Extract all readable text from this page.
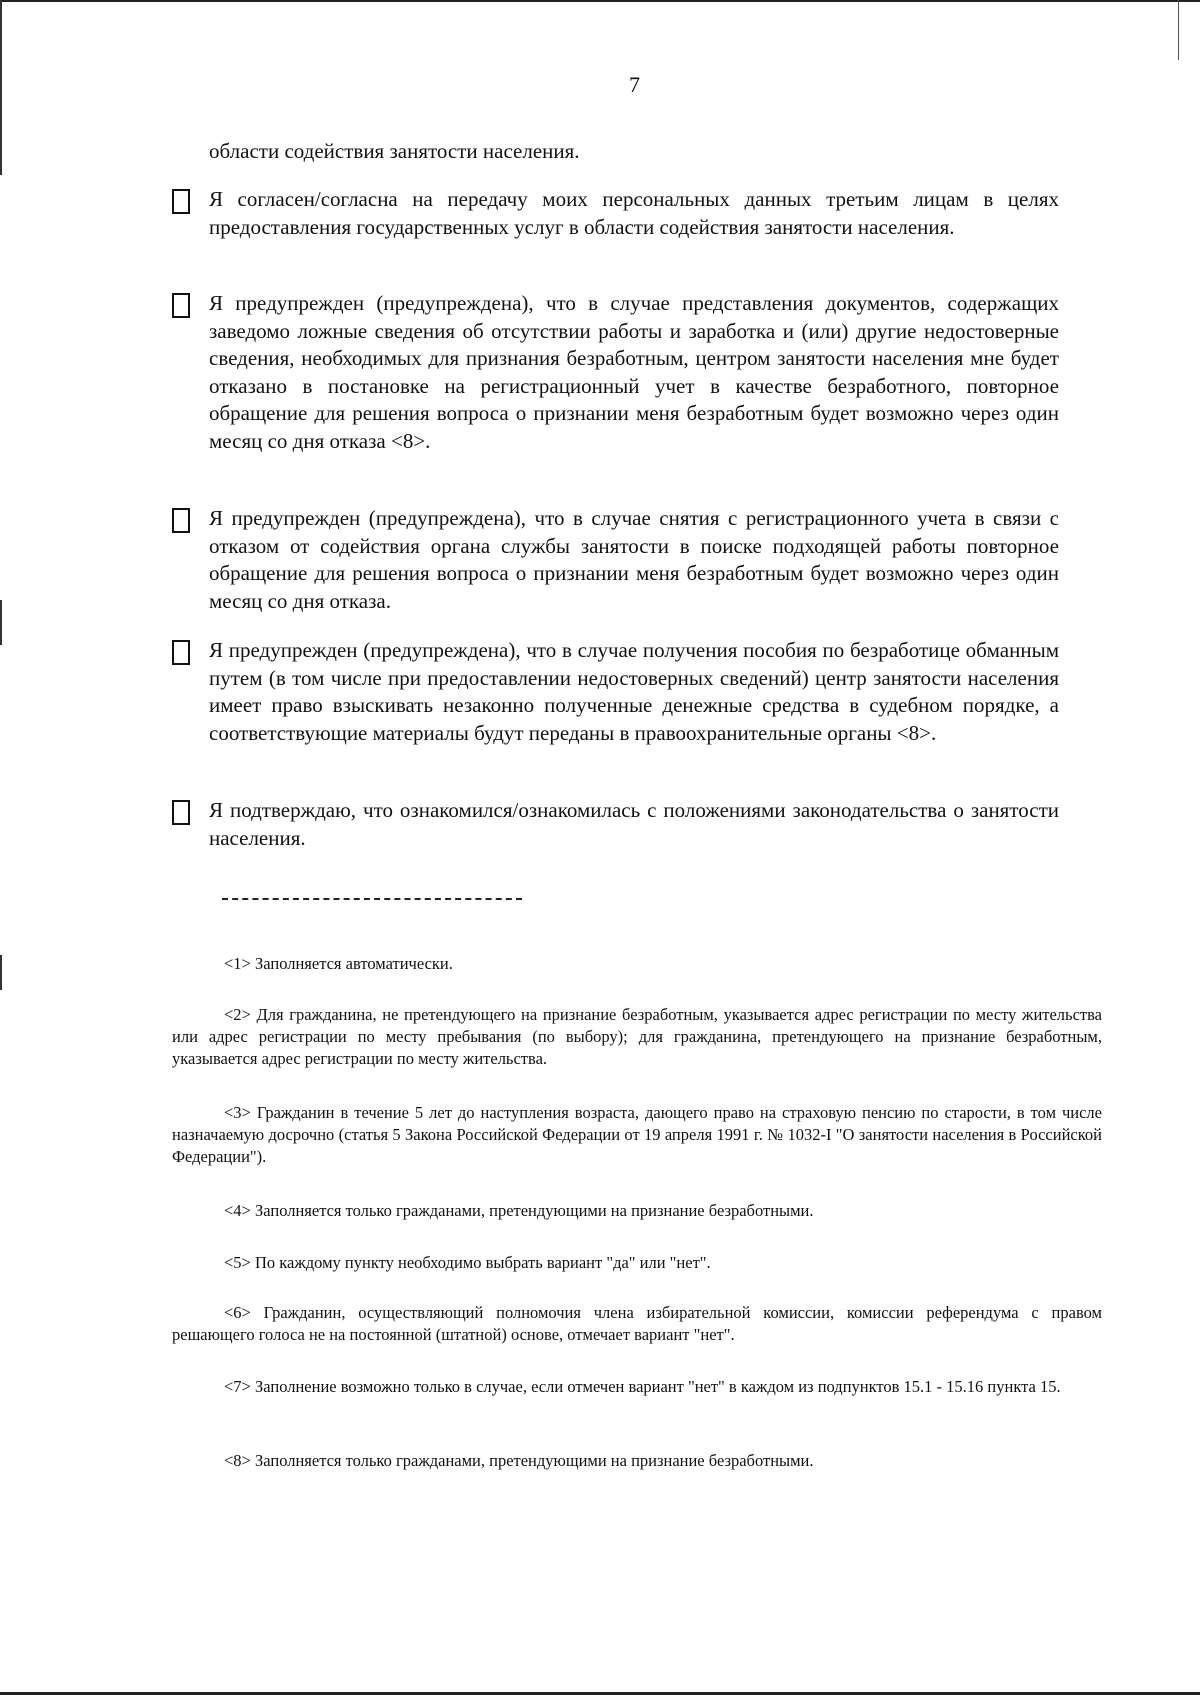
7
области содействия занятости населения.
Я согласен/согласна на передачу моих персональных данных третьим лицам в целях предоставления государственных услуг в области содействия занятости населения.
Я предупрежден (предупреждена), что в случае представления документов, содержащих заведомо ложные сведения об отсутствии работы и заработка и (или) другие недостоверные сведения, необходимых для признания безработным, центром занятости населения мне будет отказано в постановке на регистрационный учет в качестве безработного, повторное обращение для решения вопроса о признании меня безработным будет возможно через один месяц со дня отказа <8>.
Я предупрежден (предупреждена), что в случае снятия с регистрационного учета в связи с отказом от содействия органа службы занятости в поиске подходящей работы повторное обращение для решения вопроса о признании меня безработным будет возможно через один месяц со дня отказа.
Я предупрежден (предупреждена), что в случае получения пособия по безработице обманным путем (в том числе при предоставлении недостоверных сведений) центр занятости населения имеет право взыскивать незаконно полученные денежные средства в судебном порядке, а соответствующие материалы будут переданы в правоохранительные органы <8>.
Я подтверждаю, что ознакомился/ознакомилась с положениями законодательства о занятости населения.
<1> Заполняется автоматически.
<2> Для гражданина, не претендующего на признание безработным, указывается адрес регистрации по месту жительства или адрес регистрации по месту пребывания (по выбору); для гражданина, претендующего на признание безработным, указывается адрес регистрации по месту жительства.
<3> Гражданин в течение 5 лет до наступления возраста, дающего право на страховую пенсию по старости, в том числе назначаемую досрочно (статья 5 Закона Российской Федерации от 19 апреля 1991 г. № 1032-I "О занятости населения в Российской Федерации").
<4> Заполняется только гражданами, претендующими на признание безработными.
<5> По каждому пункту необходимо выбрать вариант "да" или "нет".
<6> Гражданин, осуществляющий полномочия члена избирательной комиссии, комиссии референдума с правом решающего голоса не на постоянной (штатной) основе, отмечает вариант "нет".
<7> Заполнение возможно только в случае, если отмечен вариант "нет" в каждом из подпунктов 15.1 - 15.16 пункта 15.
<8> Заполняется только гражданами, претендующими на признание безработными.
